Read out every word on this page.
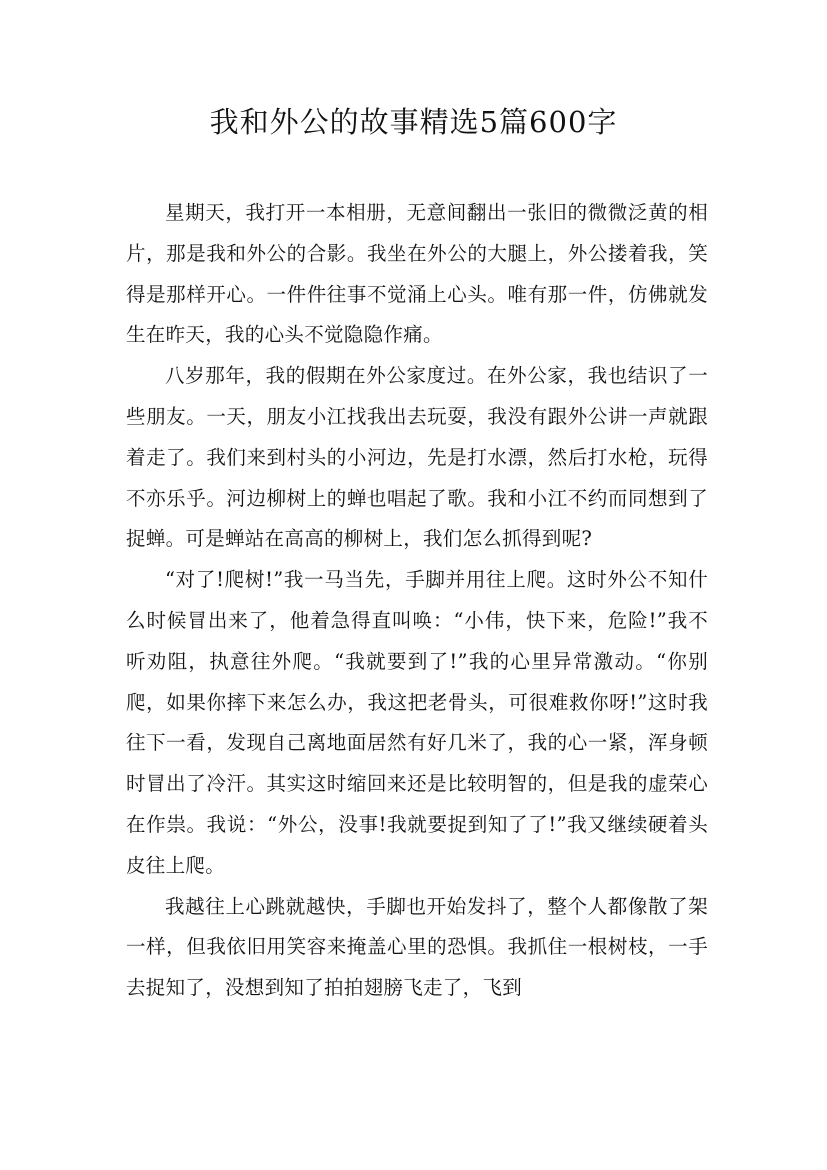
我和外公的故事精选5篇600字

星期天，我打开一本相册，无意间翻出一张旧的微微泛黄的相片，那是我和外公的合影。我坐在外公的大腿上，外公搂着我，笑得是那样开心。一件件往事不觉涌上心头。唯有那一件，仿佛就发生在昨天，我的心头不觉隐隐作痛。

八岁那年，我的假期在外公家度过。在外公家，我也结识了一些朋友。一天，朋友小江找我出去玩耍，我没有跟外公讲一声就跟着走了。我们来到村头的小河边，先是打水漂，然后打水枪，玩得不亦乐乎。河边柳树上的蝉也唱起了歌。我和小江不约而同想到了捉蝉。可是蝉站在高高的柳树上，我们怎么抓得到呢?

“对了!爬树!”我一马当先，手脚并用往上爬。这时外公不知什么时候冒出来了，他着急得直叫唤：“小伟，快下来，危险!”我不听劝阻，执意往外爬。“我就要到了!”我的心里异常激动。“你别爬，如果你摔下来怎么办，我这把老骨头，可很难救你呀!”这时我往下一看，发现自己离地面居然有好几米了，我的心一紧，浑身顿时冒出了冷汗。其实这时缩回来还是比较明智的，但是我的虚荣心在作祟。我说：“外公，没事!我就要捉到知了了!”我又继续硬着头皮往上爬。

我越往上心跳就越快，手脚也开始发抖了，整个人都像散了架一样，但我依旧用笑容来掩盖心里的恐惧。我抓住一根树枝，一手去捉知了，没想到知了拍拍翅膀飞走了，飞到
